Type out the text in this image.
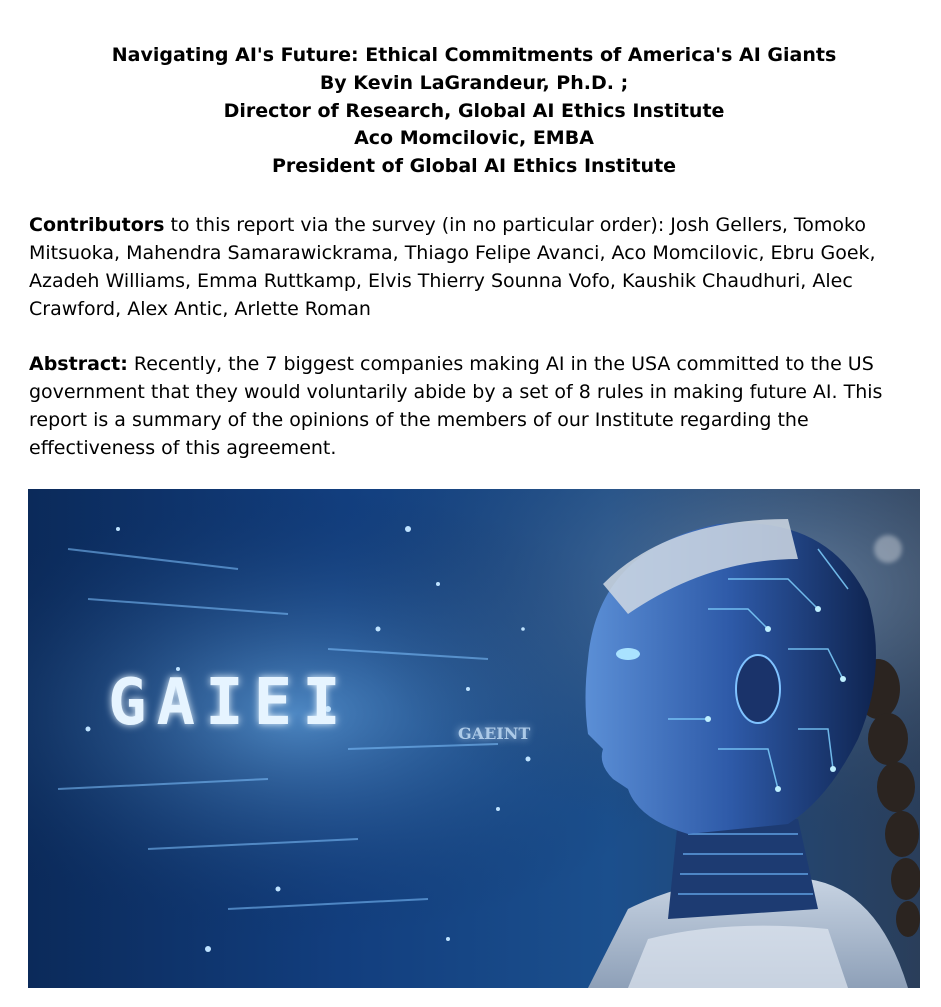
Navigating AI's Future: Ethical Commitments of America's AI Giants
By Kevin LaGrandeur, Ph.D. ;
Director of Research, Global AI Ethics Institute
Aco Momcilovic, EMBA
President of Global AI Ethics Institute
Contributors to this report via the survey (in no particular order): Josh Gellers, Tomoko Mitsuoka, Mahendra Samarawickrama, Thiago Felipe Avanci, Aco Momcilovic, Ebru Goek, Azadeh Williams, Emma Ruttkamp, Elvis Thierry Sounna Vofo, Kaushik Chaudhuri, Alec Crawford, Alex Antic, Arlette Roman
Abstract: Recently, the 7 biggest companies making AI in the USA committed to the US government that they would voluntarily abide by a set of 8 rules in making future AI. This report is a summary of the opinions of the members of our Institute regarding the effectiveness of this agreement.
GAIEI	GAEINT
